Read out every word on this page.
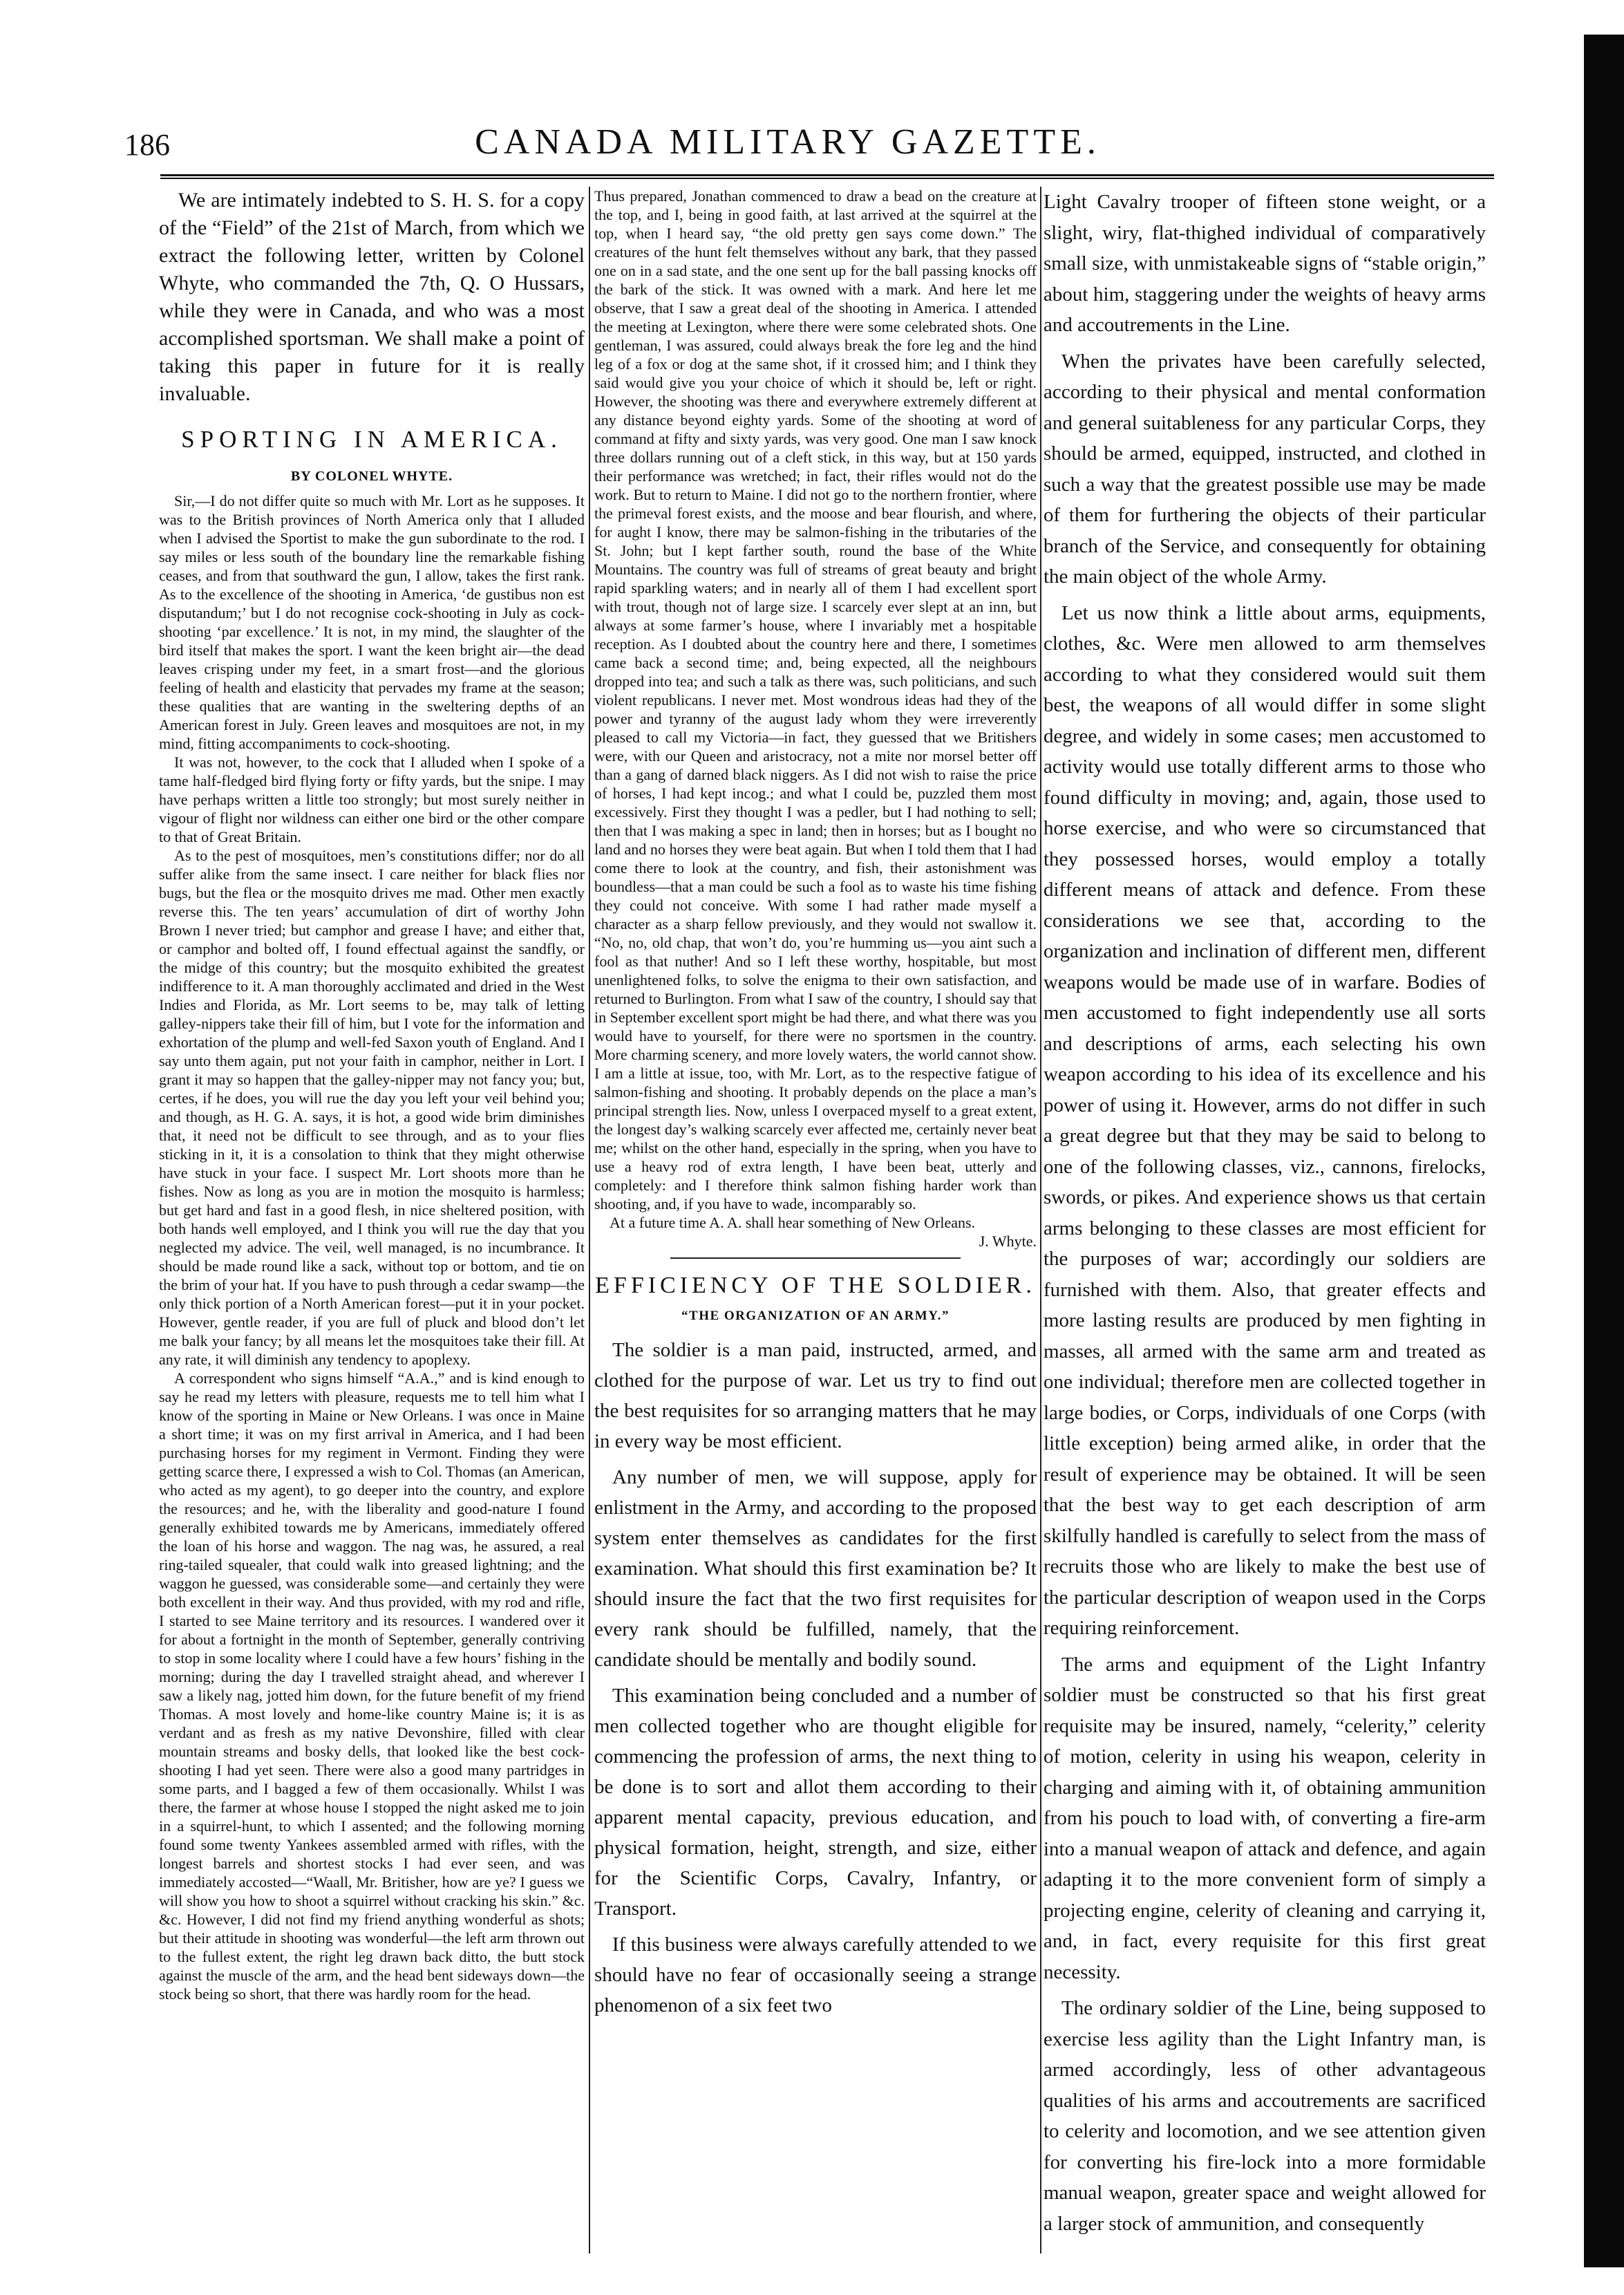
186	CANADA MILITARY GAZETTE.

We are intimately indebted to S. H. S. for a copy of the “Field” of the 21st of March, from which we extract the following letter, written by Colonel Whyte, who commanded the 7th, Q. O Hussars, while they were in Canada, and who was a most accomplished sportsman. We shall make a point of taking this paper in future for it is really invaluable.

SPORTING IN AMERICA.
BY COLONEL WHYTE.

Sir,—I do not differ quite so much with Mr. Lort as he supposes. It was to the British provinces of North America only that I alluded when I advised the Sportist to make the gun subordinate to the rod. I say miles or less south of the boundary line the remarkable fishing ceases, and from that southward the gun, I allow, takes the first rank. As to the excellence of the shooting in America, ‘de gustibus non est disputandum;’ but I do not recognise cock-shooting in July as cock-shooting ‘par excellence.’ It is not, in my mind, the slaughter of the bird itself that makes the sport. I want the keen bright air—the dead leaves crisping under my feet, in a smart frost—and the glorious feeling of health and elasticity that pervades my frame at the season; these qualities that are wanting in the sweltering depths of an American forest in July. Green leaves and mosquitoes are not, in my mind, fitting accompaniments to cock-shooting.

It was not, however, to the cock that I alluded when I spoke of a tame half-fledged bird flying forty or fifty yards, but the snipe. I may have perhaps written a little too strongly; but most surely neither in vigour of flight nor wildness can either one bird or the other compare to that of Great Britain.

As to the pest of mosquitoes, men’s constitutions differ; nor do all suffer alike from the same insect. I care neither for black flies nor bugs, but the flea or the mosquito drives me mad. Other men exactly reverse this. The ten years’ accumulation of dirt of worthy John Brown I never tried; but camphor and grease I have; and either that, or camphor and bolted off, I found effectual against the sandfly, or the midge of this country; but the mosquito exhibited the greatest indifference to it. A man thoroughly acclimated and dried in the West Indies and Florida, as Mr. Lort seems to be, may talk of letting galley-nippers take their fill of him, but I vote for the information and exhortation of the plump and well-fed Saxon youth of England. And I say unto them again, put not your faith in camphor, neither in Lort. I grant it may so happen that the galley-nipper may not fancy you; but, certes, if he does, you will rue the day you left your veil behind you; and though, as H. G. A. says, it is hot, a good wide brim diminishes that, it need not be difficult to see through, and as to your flies sticking in it, it is a consolation to think that they might otherwise have stuck in your face. I suspect Mr. Lort shoots more than he fishes. Now as long as you are in motion the mosquito is harmless; but get hard and fast in a good flesh, in nice sheltered position, with both hands well employed, and I think you will rue the day that you neglected my advice. The veil, well managed, is no incumbrance. It should be made round like a sack, without top or bottom, and tie on the brim of your hat. If you have to push through a cedar swamp—the only thick portion of a North American forest—put it in your pocket. However, gentle reader, if you are full of pluck and blood don’t let me balk your fancy; by all means let the mosquitoes take their fill. At any rate, it will diminish any tendency to apoplexy.

A correspondent who signs himself “A.A.,” and is kind enough to say he read my letters with pleasure, requests me to tell him what I know of the sporting in Maine or New Orleans. I was once in Maine a short time; it was on my first arrival in America, and I had been purchasing horses for my regiment in Vermont. Finding they were getting scarce there, I expressed a wish to Col. Thomas (an American, who acted as my agent), to go deeper into the country, and explore the resources; and he, with the liberality and good-nature I found generally exhibited towards me by Americans, immediately offered the loan of his horse and waggon. The nag was, he assured, a real ring-tailed squealer, that could walk into greased lightning; and the waggon he guessed, was considerable some—and certainly they were both excellent in their way. And thus provided, with my rod and rifle, I started to see Maine territory and its resources. I wandered over it for about a fortnight in the month of September, generally contriving to stop in some locality where I could have a few hours’ fishing in the morning; during the day I travelled straight ahead, and wherever I saw a likely nag, jotted him down, for the future benefit of my friend Thomas. A most lovely and home-like country Maine is; it is as verdant and as fresh as my native Devonshire, filled with clear mountain streams and bosky dells, that looked like the best cock-shooting I had yet seen. There were also a good many partridges in some parts, and I bagged a few of them occasionally. Whilst I was there, the farmer at whose house I stopped the night asked me to join in a squirrel-hunt, to which I assented; and the following morning found some twenty Yankees assembled armed with rifles, with the longest barrels and shortest stocks I had ever seen, and was immediately accosted—“Waall, Mr. Britisher, how are ye? I guess we will show you how to shoot a squirrel without cracking his skin.” &c. &c. However, I did not find my friend anything wonderful as shots; but their attitude in shooting was wonderful—the left arm thrown out to the fullest extent, the right leg drawn back ditto, the butt stock against the muscle of the arm, and the head bent sideways down—the stock being so short, that there was hardly room for the head.

Thus prepared, Jonathan commenced to draw a bead on the creature at the top, and I, being in good faith, at last arrived at the squirrel at the top, when I heard say, “the old pretty gen says come down.” The creatures of the hunt felt themselves without any bark, that they passed one on in a sad state, and the one sent up for the ball passing knocks off the bark of the stick. It was owned with a mark. And here let me observe, that I saw a great deal of the shooting in America. I attended the meeting at Lexington, where there were some celebrated shots. One gentleman, I was assured, could always break the fore leg and the hind leg of a fox or dog at the same shot, if it crossed him; and I think they said would give you your choice of which it should be, left or right. However, the shooting was there and everywhere extremely different at any distance beyond eighty yards. Some of the shooting at word of command at fifty and sixty yards, was very good. One man I saw knock three dollars running out of a cleft stick, in this way, but at 150 yards their performance was wretched; in fact, their rifles would not do the work. But to return to Maine. I did not go to the northern frontier, where the primeval forest exists, and the moose and bear flourish, and where, for aught I know, there may be salmon-fishing in the tributaries of the St. John; but I kept farther south, round the base of the White Mountains. The country was full of streams of great beauty and bright rapid sparkling waters; and in nearly all of them I had excellent sport with trout, though not of large size. I scarcely ever slept at an inn, but always at some farmer’s house, where I invariably met a hospitable reception. As I doubted about the country here and there, I sometimes came back a second time; and, being expected, all the neighbours dropped into tea; and such a talk as there was, such politicians, and such violent republicans. I never met. Most wondrous ideas had they of the power and tyranny of the august lady whom they were irreverently pleased to call my Victoria—in fact, they guessed that we Britishers were, with our Queen and aristocracy, not a mite nor morsel better off than a gang of darned black niggers. As I did not wish to raise the price of horses, I had kept incog.; and what I could be, puzzled them most excessively. First they thought I was a pedler, but I had nothing to sell; then that I was making a spec in land; then in horses; but as I bought no land and no horses they were beat again. But when I told them that I had come there to look at the country, and fish, their astonishment was boundless—that a man could be such a fool as to waste his time fishing they could not conceive. With some I had rather made myself a character as a sharp fellow previously, and they would not swallow it. “No, no, old chap, that won’t do, you’re humming us—you aint such a fool as that nuther! And so I left these worthy, hospitable, but most unenlightened folks, to solve the enigma to their own satisfaction, and returned to Burlington. From what I saw of the country, I should say that in September excellent sport might be had there, and what there was you would have to yourself, for there were no sportsmen in the country. More charming scenery, and more lovely waters, the world cannot show. I am a little at issue, too, with Mr. Lort, as to the respective fatigue of salmon-fishing and shooting. It probably depends on the place a man’s principal strength lies. Now, unless I overpaced myself to a great extent, the longest day’s walking scarcely ever affected me, certainly never beat me; whilst on the other hand, especially in the spring, when you have to use a heavy rod of extra length, I have been beat, utterly and completely: and I therefore think salmon fishing harder work than shooting, and, if you have to wade, incomparably so.

At a future time A. A. shall hear something of New Orleans.

J. Whyte.

EFFICIENCY OF THE SOLDIER.
“THE ORGANIZATION OF AN ARMY.”

The soldier is a man paid, instructed, armed, and clothed for the purpose of war. Let us try to find out the best requisites for so arranging matters that he may in every way be most efficient.

Any number of men, we will suppose, apply for enlistment in the Army, and according to the proposed system enter themselves as candidates for the first examination. What should this first examination be? It should insure the fact that the two first requisites for every rank should be fulfilled, namely, that the candidate should be mentally and bodily sound.

This examination being concluded and a number of men collected together who are thought eligible for commencing the profession of arms, the next thing to be done is to sort and allot them according to their apparent mental capacity, previous education, and physical formation, height, strength, and size, either for the Scientific Corps, Cavalry, Infantry, or Transport.

If this business were always carefully attended to we should have no fear of occasionally seeing a strange phenomenon of a six feet two

Light Cavalry trooper of fifteen stone weight, or a slight, wiry, flat-thighed individual of comparatively small size, with unmistakeable signs of “stable origin,” about him, staggering under the weights of heavy arms and accoutrements in the Line.

When the privates have been carefully selected, according to their physical and mental conformation and general suitableness for any particular Corps, they should be armed, equipped, instructed, and clothed in such a way that the greatest possible use may be made of them for furthering the objects of their particular branch of the Service, and consequently for obtaining the main object of the whole Army.

Let us now think a little about arms, equipments, clothes, &c. Were men allowed to arm themselves according to what they considered would suit them best, the weapons of all would differ in some slight degree, and widely in some cases; men accustomed to activity would use totally different arms to those who found difficulty in moving; and, again, those used to horse exercise, and who were so circumstanced that they possessed horses, would employ a totally different means of attack and defence. From these considerations we see that, according to the organization and inclination of different men, different weapons would be made use of in warfare. Bodies of men accustomed to fight independently use all sorts and descriptions of arms, each selecting his own weapon according to his idea of its excellence and his power of using it. However, arms do not differ in such a great degree but that they may be said to belong to one of the following classes, viz., cannons, firelocks, swords, or pikes. And experience shows us that certain arms belonging to these classes are most efficient for the purposes of war; accordingly our soldiers are furnished with them. Also, that greater effects and more lasting results are produced by men fighting in masses, all armed with the same arm and treated as one individual; therefore men are collected together in large bodies, or Corps, individuals of one Corps (with little exception) being armed alike, in order that the result of experience may be obtained. It will be seen that the best way to get each description of arm skilfully handled is carefully to select from the mass of recruits those who are likely to make the best use of the particular description of weapon used in the Corps requiring reinforcement.

The arms and equipment of the Light Infantry soldier must be constructed so that his first great requisite may be insured, namely, “celerity,” celerity of motion, celerity in using his weapon, celerity in charging and aiming with it, of obtaining ammunition from his pouch to load with, of converting a fire-arm into a manual weapon of attack and defence, and again adapting it to the more convenient form of simply a projecting engine, celerity of cleaning and carrying it, and, in fact, every requisite for this first great necessity.

The ordinary soldier of the Line, being supposed to exercise less agility than the Light Infantry man, is armed accordingly, less of other advantageous qualities of his arms and accoutrements are sacrificed to celerity and locomotion, and we see attention given for converting his fire-lock into a more formidable manual weapon, greater space and weight allowed for a larger stock of ammunition, and consequently
